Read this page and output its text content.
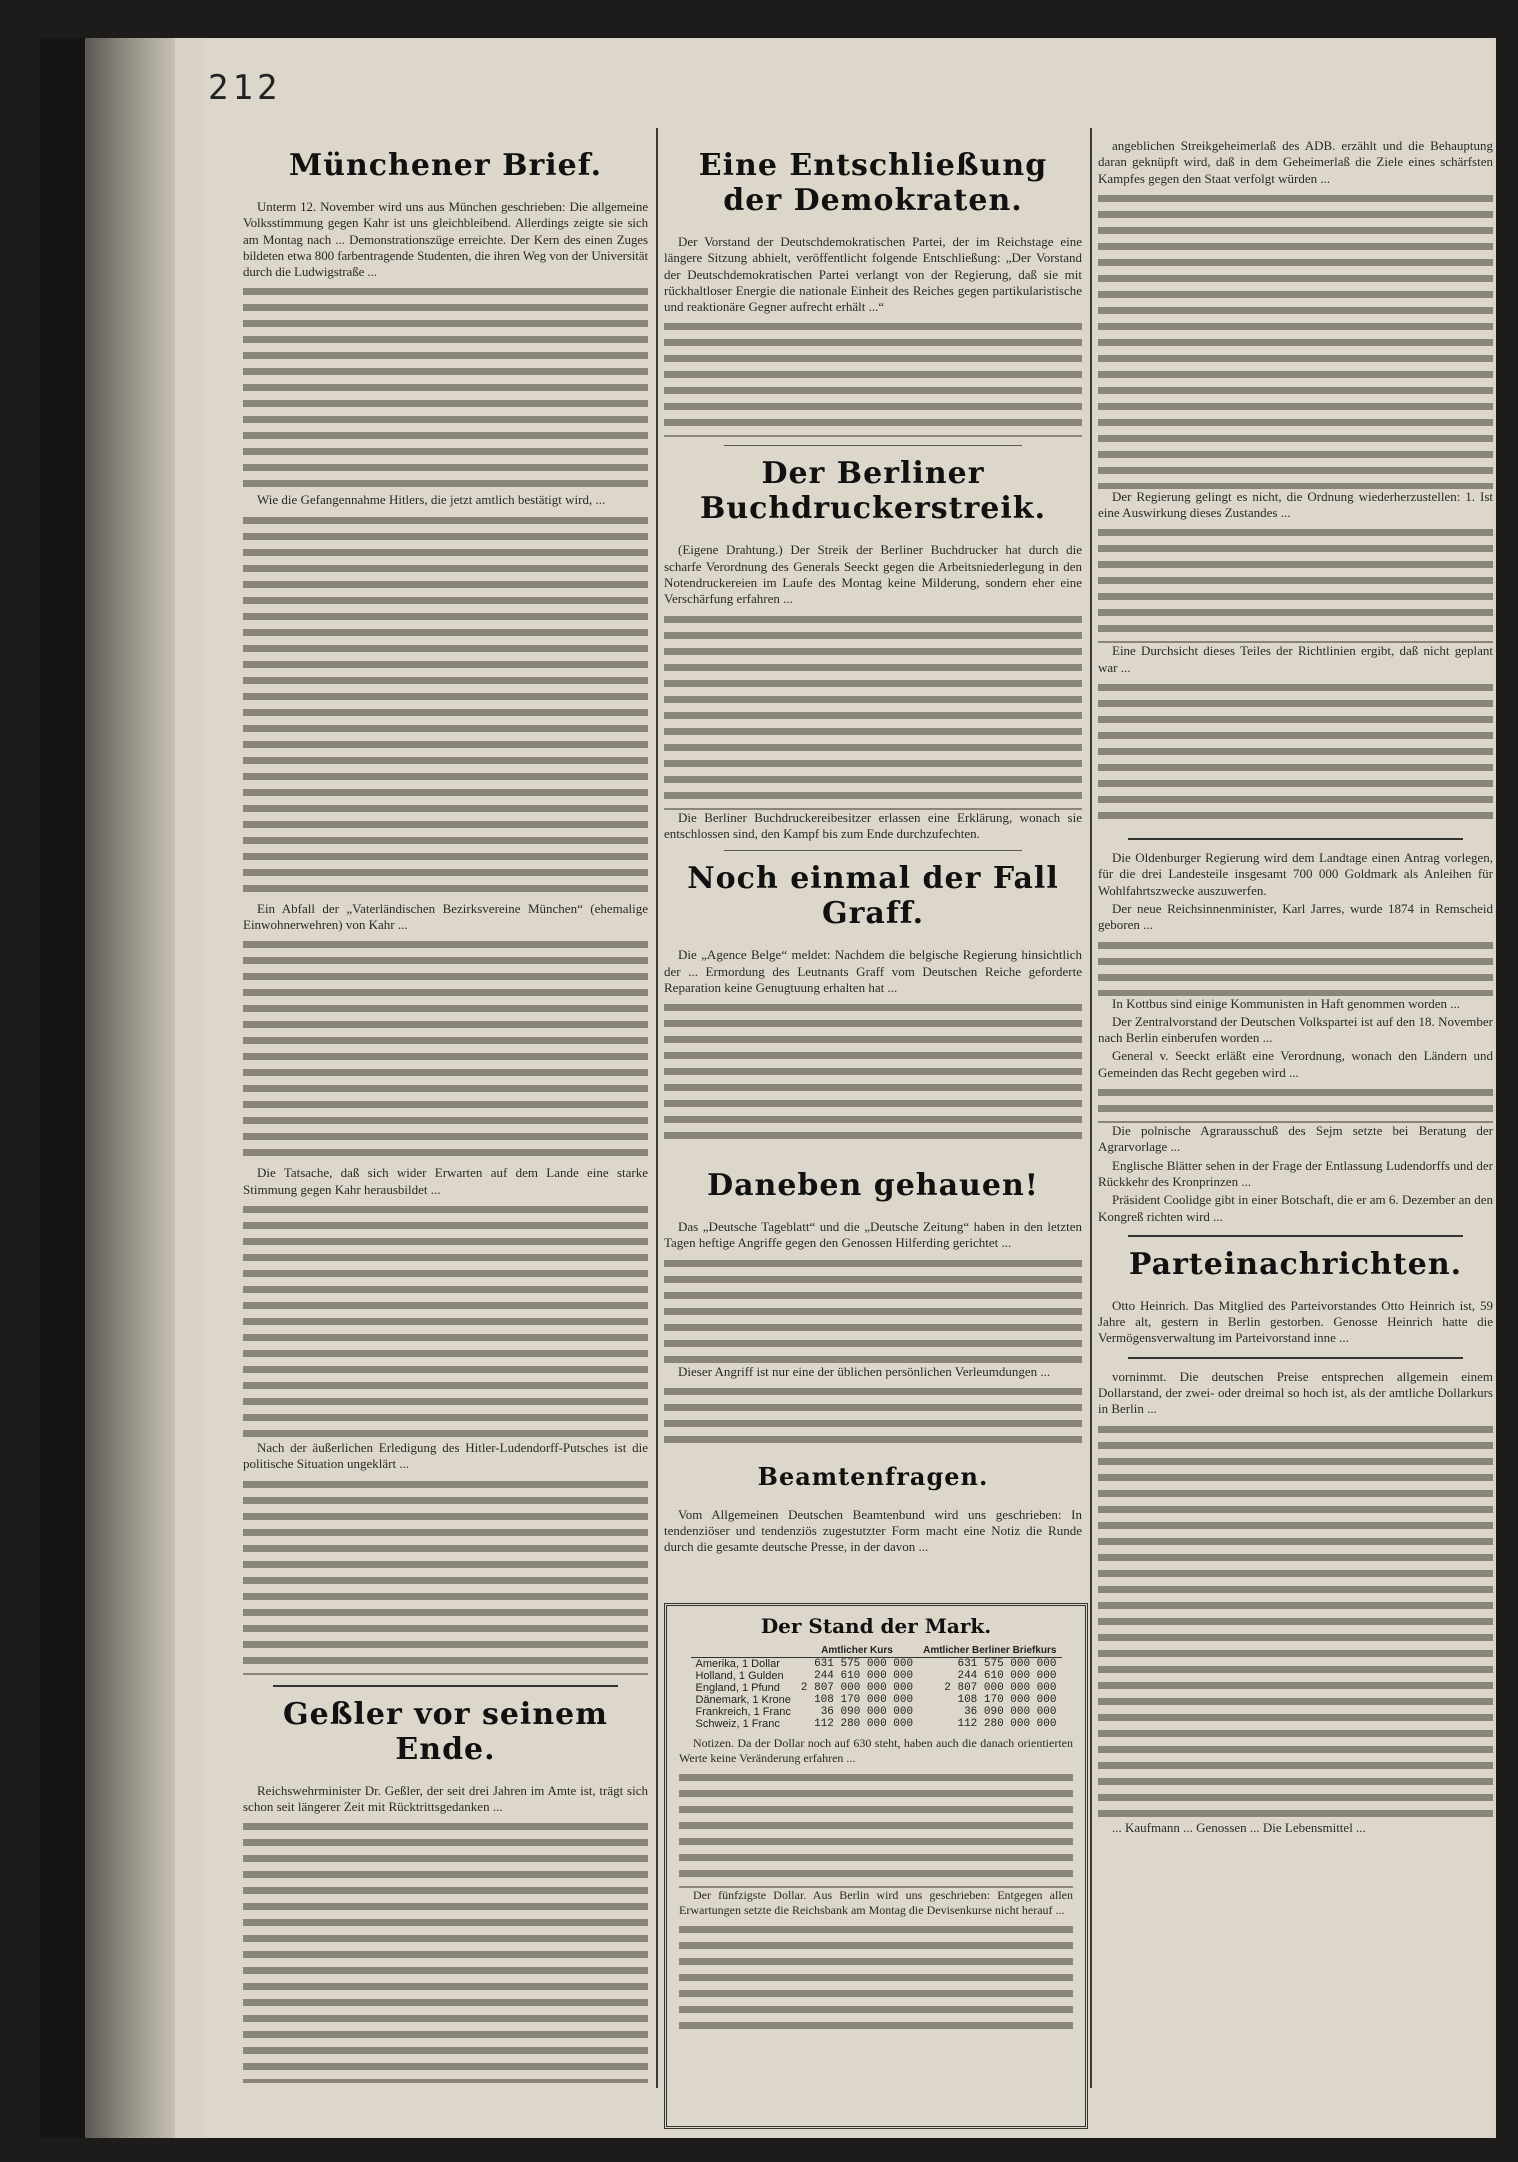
212
Münchener Brief.

Unterm 12. November wird uns aus München geschrieben: Die allgemeine Volksstimmung gegen Kahr ist uns gleichbleibend. Allerdings zeigte sie sich am Montag nach ... Demonstrationszüge erreichte. Der Kern des einen Zuges bildeten etwa 800 farbentragende Studenten, die ihren Weg von der Universität durch die Ludwigstraße ...

Wie die Gefangennahme Hitlers, die jetzt amtlich bestätigt wird, ...

Ein Abfall der „Vaterländischen Bezirksvereine München“ (ehemalige Einwohnerwehren) von Kahr ...

Die Tatsache, daß sich wider Erwarten auf dem Lande eine starke Stimmung gegen Kahr herausbildet ...

Nach der äußerlichen Erledigung des Hitler-Ludendorff-Putsches ist die politische Situation ungeklärt ...

Geßler vor seinem Ende.

Reichswehrminister Dr. Geßler, der seit drei Jahren im Amte ist, trägt sich schon seit längerer Zeit mit Rücktrittsgedanken ...

Eine Entschließung der Demokraten.

Der Vorstand der Deutschdemokratischen Partei, der im Reichstage eine längere Sitzung abhielt, veröffentlicht folgende Entschließung: „Der Vorstand der Deutschdemokratischen Partei verlangt von der Regierung, daß sie mit rückhaltloser Energie die nationale Einheit des Reiches gegen partikularistische und reaktionäre Gegner aufrecht erhält ...“

Der Berliner Buchdruckerstreik.

(Eigene Drahtung.) Der Streik der Berliner Buchdrucker hat durch die scharfe Verordnung des Generals Seeckt gegen die Arbeitsniederlegung in den Notendruckereien im Laufe des Montag keine Milderung, sondern eher eine Verschärfung erfahren ...

Die Berliner Buchdruckereibesitzer erlassen eine Erklärung, wonach sie entschlossen sind, den Kampf bis zum Ende durchzufechten.

Noch einmal der Fall Graff.

Die „Agence Belge“ meldet: Nachdem die belgische Regierung hinsichtlich der ... Ermordung des Leutnants Graff vom Deutschen Reiche geforderte Reparation keine Genugtuung erhalten hat ...

Daneben gehauen!

Das „Deutsche Tageblatt“ und die „Deutsche Zeitung“ haben in den letzten Tagen heftige Angriffe gegen den Genossen Hilferding gerichtet ...

Dieser Angriff ist nur eine der üblichen persönlichen Verleumdungen ...

Beamtenfragen.

Vom Allgemeinen Deutschen Beamtenbund wird uns geschrieben: In tendenziöser und tendenziös zugestutzter Form macht eine Notiz die Runde durch die gesamte deutsche Presse, in der davon ...

angeblichen Streikgeheimerlaß des ADB. erzählt und die Behauptung daran geknüpft wird, daß in dem Geheimerlaß die Ziele eines schärfsten Kampfes gegen den Staat verfolgt würden ...

Der Regierung gelingt es nicht, die Ordnung wiederherzustellen: 1. Ist eine Auswirkung dieses Zustandes ...

Eine Durchsicht dieses Teiles der Richtlinien ergibt, daß nicht geplant war ...

Die Oldenburger Regierung wird dem Landtage einen Antrag vorlegen, für die drei Landesteile insgesamt 700 000 Goldmark als Anleihen für Wohlfahrtszwecke auszuwerfen.

Der neue Reichsinnenminister, Karl Jarres, wurde 1874 in Remscheid geboren ...

In Kottbus sind einige Kommunisten in Haft genommen worden ...

Der Zentralvorstand der Deutschen Volkspartei ist auf den 18. November nach Berlin einberufen worden ...

General v. Seeckt erläßt eine Verordnung, wonach den Ländern und Gemeinden das Recht gegeben wird ...

Die polnische Agrarausschuß des Sejm setzte bei Beratung der Agrarvorlage ...

Englische Blätter sehen in der Frage der Entlassung Ludendorffs und der Rückkehr des Kronprinzen ...

Präsident Coolidge gibt in einer Botschaft, die er am 6. Dezember an den Kongreß richten wird ...

Parteinachrichten.

Otto Heinrich. Das Mitglied des Parteivorstandes Otto Heinrich ist, 59 Jahre alt, gestern in Berlin gestorben. Genosse Heinrich hatte die Vermögensverwaltung im Parteivorstand inne ...

vornimmt. Die deutschen Preise entsprechen allgemein einem Dollarstand, der zwei- oder dreimal so hoch ist, als der amtliche Dollarkurs in Berlin ...

... Kaufmann ... Genossen ... Die Lebensmittel ...

Der Stand der Mark.
	Amtlicher Kurs	Amtlicher Berliner Briefkurs
Amerika, 1 Dollar	631 575 000 000	631 575 000 000
Holland, 1 Gulden	244 610 000 000	244 610 000 000
England, 1 Pfund	2 807 000 000 000	2 807 000 000 000
Dänemark, 1 Krone	108 170 000 000	108 170 000 000
Frankreich, 1 Franc	36 090 000 000	36 090 000 000
Schweiz, 1 Franc	112 280 000 000	112 280 000 000

Notizen. Da der Dollar noch auf 630 steht, haben auch die danach orientierten Werte keine Veränderung erfahren ...

Der fünfzigste Dollar. Aus Berlin wird uns geschrieben: Entgegen allen Erwartungen setzte die Reichsbank am Montag die Devisenkurse nicht herauf ...
